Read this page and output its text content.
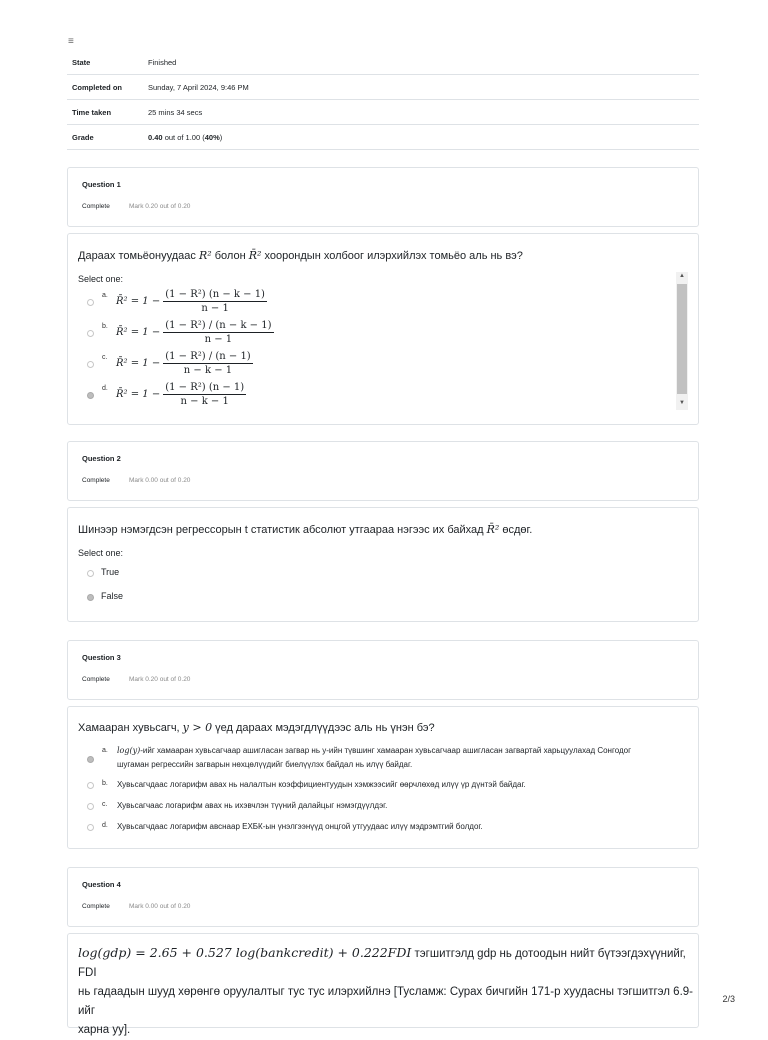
≡
State	Finished
Completed on	Sunday, 7 April 2024, 9:46 PM
Time taken	25 mins 34 secs
Grade	0.40 out of 1.00 (40%)
Question 1
Complete	Mark 0.20 out of 0.20
Дараах томьёонуудаас R² болон R̄² хоорондын холбоог илэрхийлэх томьёо аль нь вэ?
Select one:
a.
R̄² = $1 - \frac{\text{(1 − R²) (n − k − 1)}}{n - 1}$
b.
R̄² = $1 - \frac{\text{(1 − R²) / (n − k − 1)}}{n - 1}$
c.
R̄² = $1 - \frac{\text{(1 − R²) / (n − 1)}}{n - k - 1}$
d.
R̄² = $1 - \frac{\text{(1 − R²) (n − 1)}}{n - k - 1}$
▲
▼
Question 2
Complete	Mark 0.00 out of 0.20
Шинээр нэмэгдсэн регрессорын t статистик абсолют утгаараа нэгээс их байхад R̄² өсдөг.
Select one:
True
False
Question 3
Complete	Mark 0.20 out of 0.20
Хамааран хувьсагч, y > 0 үед дараах мэдэгдлүүдээс аль нь үнэн бэ?
a. log(y)-ийг хамааран хувьсагчаар ашигласан загвар нь y-ийн түвшинг хамааран хувьсагчаар ашигласан загвартай харьцуулахад Сонгодог
шугаман регрессийн загварын нөхцөлүүдийг биелүүлэх байдал нь илүү байдаг.
b. Хувьсагчдаас логарифм авах нь налалтын коэффициентуудын хэмжээсийг өөрчлөхөд илүү үр дүнтэй байдаг.
c. Хувьсагчаас логарифм авах нь ихэвчлэн түүний далайцыг нэмэгдүүлдэг.
d. Хувьсагчдаас логарифм авснаар ЕХБК-ын үнэлгээнүүд онцгой утгуудаас илүү мэдрэмтгий болдог.
Question 4
Complete	Mark 0.00 out of 0.20
log(gdp) = 2.65 + 0.527 log(bankcredit) + 0.222FDI тэгшитгэлд gdp нь дотоодын нийт бүтээгдэхүүнийг, FDI
нь гадаадын шууд хөрөнгө оруулалтыг тус тус илэрхийлнэ [Тусламж: Сурах бичгийн 171-р хуудасны тэгшитгэл 6.9-ийг
харна уу].
2/3
